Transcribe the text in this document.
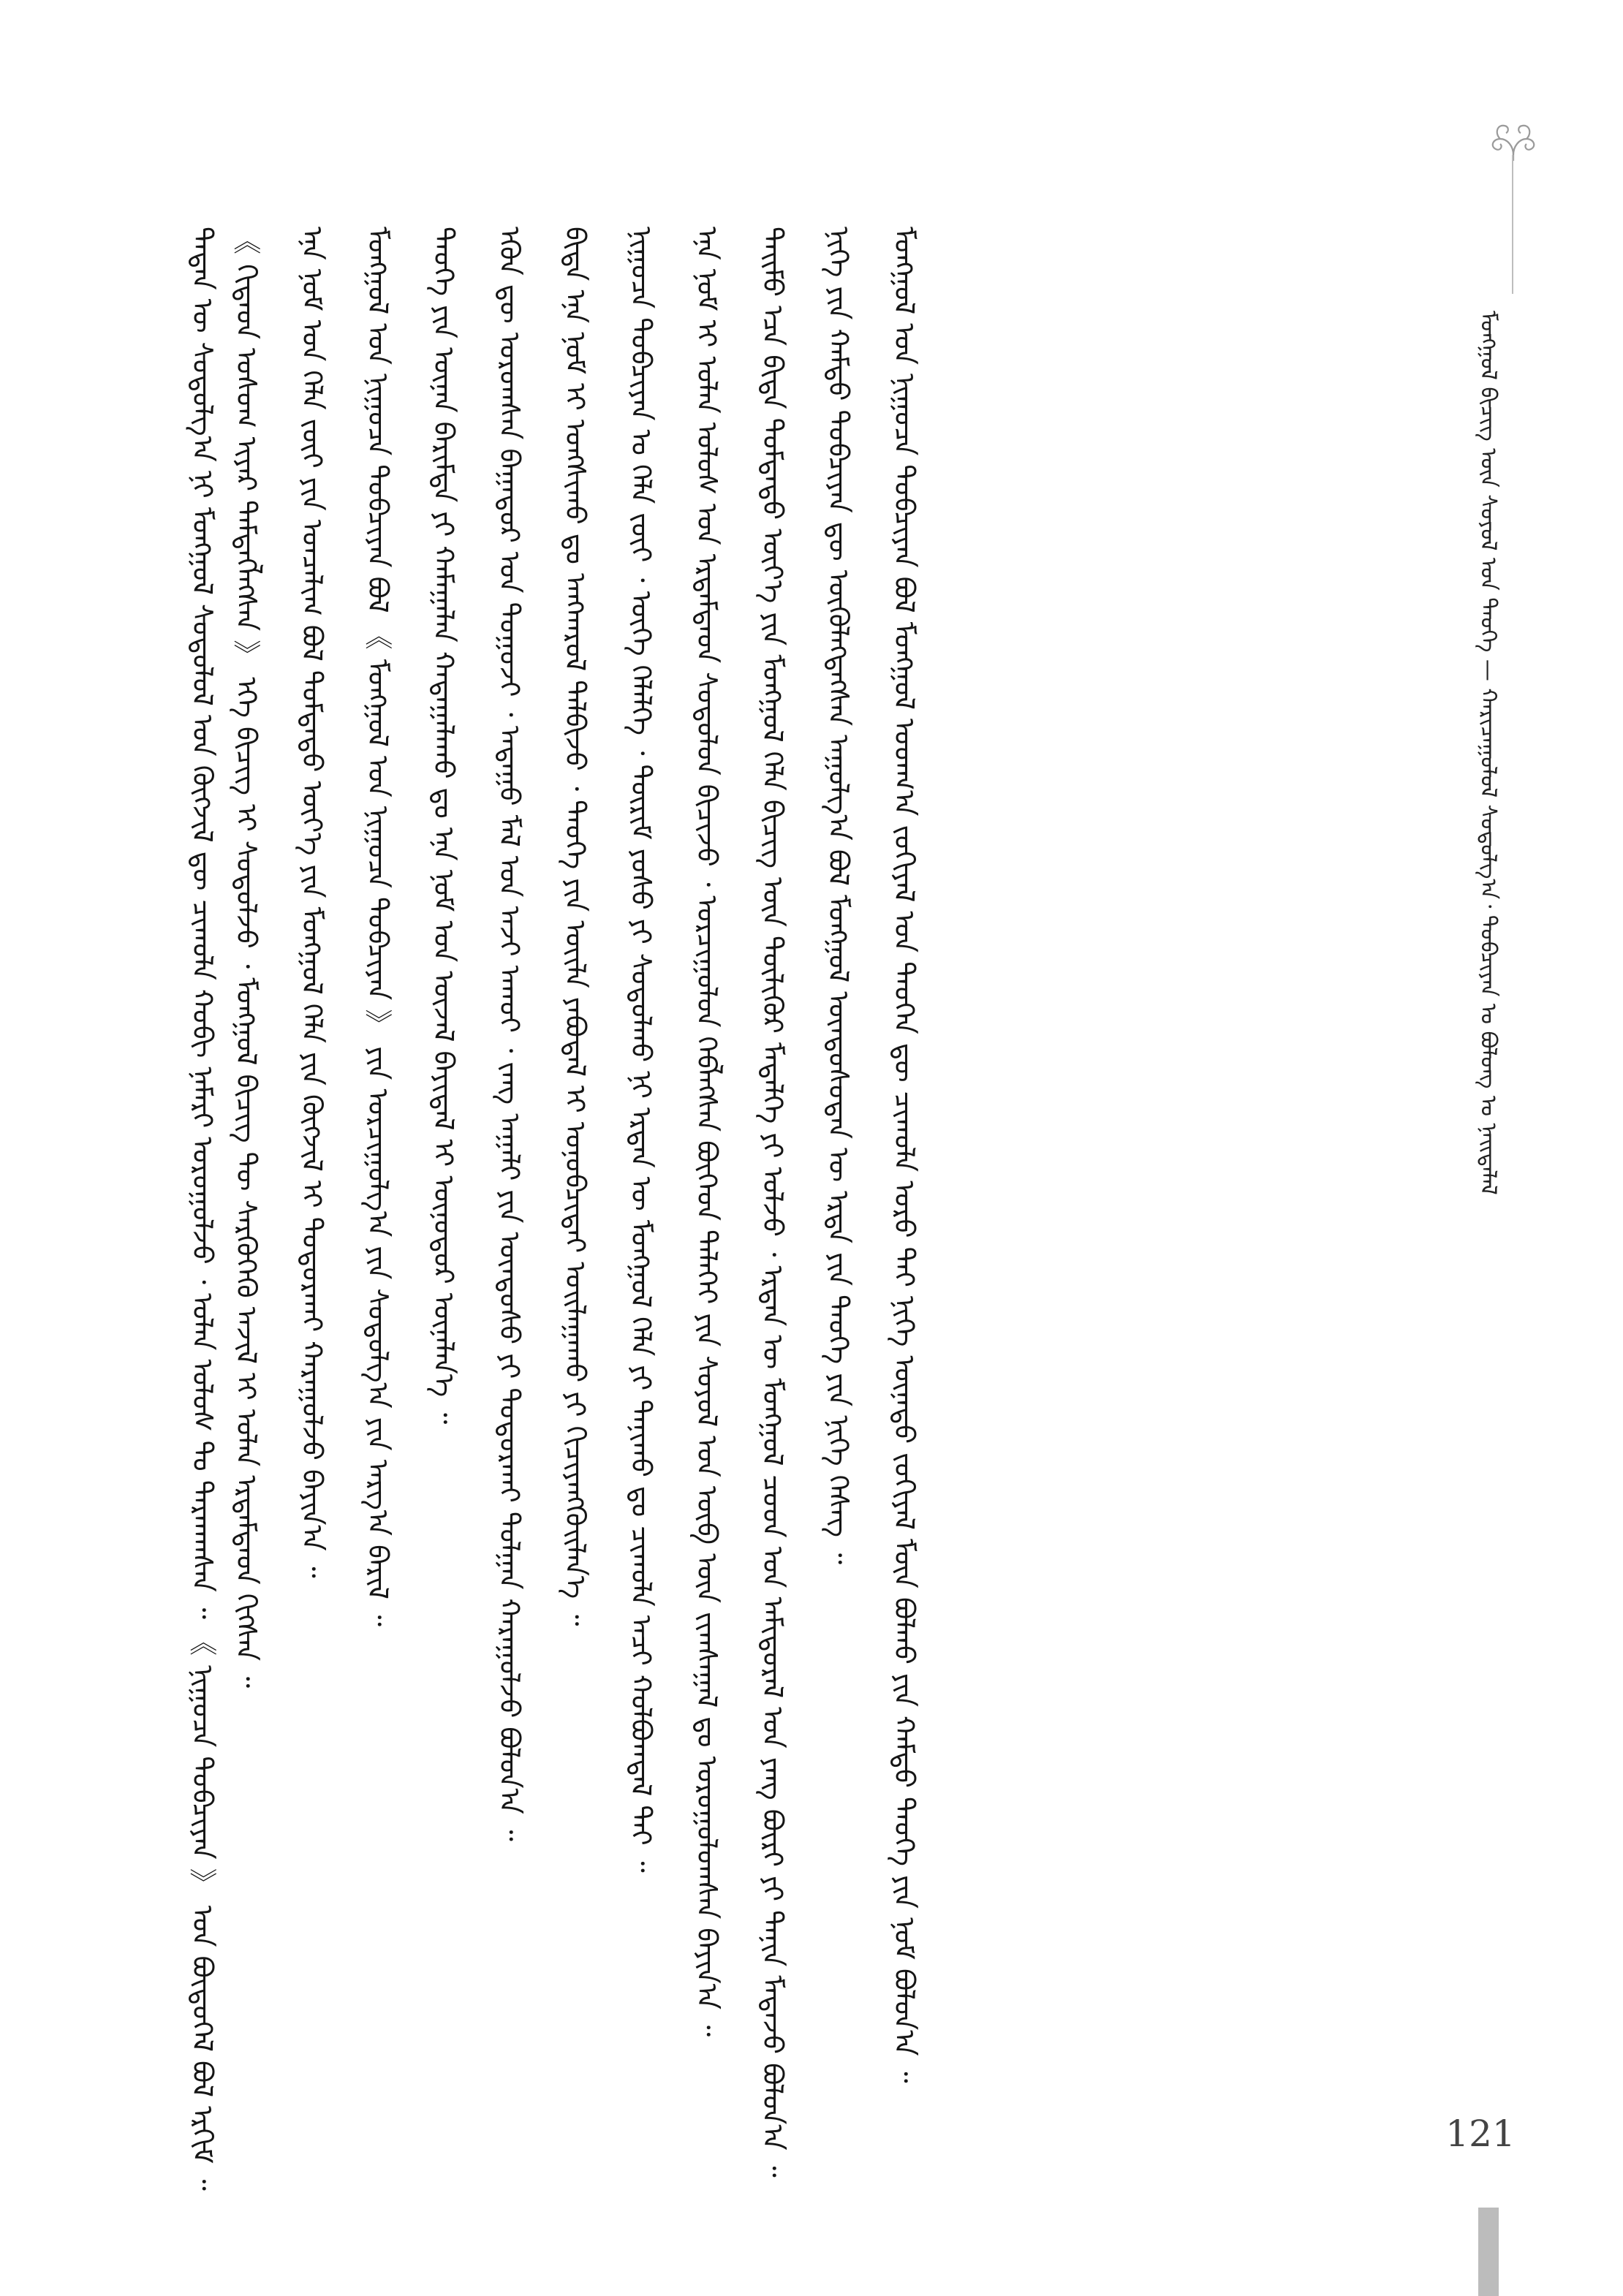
ᠮᠣᠩᠭᠣᠯ ᠪᠢᠴᠢᠭ᠌ ᠦᠨ ᠰᠣᠶᠣᠯ ᠤᠨ ᠲᠡᠦᠬᠡ — ᠬᠠᠷᠢᠴᠠᠭᠤᠯᠤᠯ ᠰᠤᠳᠤᠯᠭ᠎ᠠ᠂ ᠲᠣᠪᠴᠢᠶᠠᠨ ᠤ ᠪᠤᠯᠤᠩ ᠤ ᠨᠡᠢᠲᠡᠯᠡᠯ
ᠮᠣᠩᠭᠣᠯ ᠤᠨ ᠨᠢᠭᠤᠴᠠ ᠲᠣᠪᠴᠢᠶᠠᠨ ᠪᠣᠯ ᠮᠣᠩᠭᠣᠯ ᠤᠳᠬ᠎ᠠ ᠵᠣᠬᠢᠶᠠᠯ ᠤᠨ ᠲᠡᠦᠬᠡᠨ ᠳᠦ ᠴᠢᠬᠤᠯᠠ ᠣᠷᠣ ᠲᠠᠢ ᠨᠢᠭᠡ ᠦᠨᠡᠲᠦ ᠵᠣᠬᠢᠶᠠᠯ ᠮᠥᠨ ᠪᠣᠯᠬᠤ ᠶᠢᠨ ᠬᠠᠮᠲᠤ ᠲᠡᠦᠬᠡ ᠶᠢᠨ ᠨᠣᠮ ᠪᠣᠯᠤᠨ᠎ᠠ ᠃
ᠨᠢᠭᠡ ᠶᠢᠨ ᠬᠠᠮᠲᠤ ᠲᠣᠪᠴᠢᠶᠠᠨ ᠳᠦ ᠦᠭᠦᠯᠡᠭᠳᠡᠭᠰᠡᠨ ᠠᠭᠤᠯᠭ᠎ᠠ ᠪᠣᠯ ᠮᠣᠩᠭᠣᠯ ᠦᠨᠳᠦᠰᠦᠲᠡᠨ ᠦ ᠡᠷᠲᠡ ᠶᠢᠨ ᠲᠡᠦᠬᠡ ᠶᠢᠨ ᠨᠢᠭᠡ ᠬᠡᠰᠡᠭ ᠃
ᠲᠡᠢᠮᠦ ᠡᠴᠡ ᠪᠢᠳᠡ ᠳᠤᠮᠳᠠᠳᠤ ᠦᠶ᠎ᠡ ᠶᠢᠨ ᠮᠣᠩᠭᠣᠯ ᠬᠡᠯᠡ ᠪᠢᠴᠢᠭ᠌ ᠦᠨ ᠲᠦᠯᠢᠭᠦᠷ ᠮᠡᠳᠡᠯᠭᠡ ᠶᠢ ᠣᠯᠵᠤ ᠂ ᠡᠷᠲᠡᠨ ᠦ ᠮᠣᠩᠭᠣᠯ ᠴᠤᠳ ᠤᠨ ᠠᠮᠢᠳᠤᠷᠠᠯ ᠤᠨ ᠶᠠᠩ ᠪᠦᠷᠢ ᠶᠢ ᠲᠠᠨᠢᠨ ᠮᠡᠳᠡᠵᠦ ᠪᠣᠯᠤᠨ᠎ᠠ ᠃
ᠡᠨᠡ ᠨᠣᠮ ᠢ ᠣᠯᠠᠨ ᠤᠯᠤᠰ ᠤᠨ ᠡᠷᠳᠡᠮᠲᠡᠳ ᠰᠤᠳᠤᠯᠤᠨ ᠪᠢᠴᠢᠵᠦ ᠂ ᠣᠷᠴᠢᠭᠤᠯᠤᠨ ᠬᠡᠪᠯᠡᠭᠰᠡᠨ ᠪᠦᠭᠡᠳ ᠳᠡᠯᠡᠬᠡᠢ ᠶᠢᠨ ᠰᠣᠶᠣᠯ ᠤᠨ ᠥᠪ ᠦᠨ ᠵᠢᠭᠰᠠᠭᠠᠯ ᠳᠤ ᠣᠷᠣᠭᠤᠯᠤᠭᠰᠠᠨ ᠪᠠᠶᠢᠨ᠎ᠠ ᠃
ᠨᠢᠭᠤᠴᠠ ᠲᠣᠪᠴᠢᠶᠠᠨ ᠤ ᠬᠡᠯᠡ ᠵᠦᠢ ᠂ ᠦᠭᠡ ᠬᠡᠯᠡᠯᠭᠡ ᠂ ᠳᠦᠷᠢᠮ ᠶᠣᠰᠣ ᠶᠢ ᠰᠤᠳᠤᠯᠬᠤ ᠨᠢ ᠡᠷᠲᠡᠨ ᠦ ᠮᠣᠩᠭᠣᠯ ᠬᠡᠯᠡ ᠶᠢ ᠲᠠᠨᠢᠬᠤ ᠳᠤ ᠴᠢᠬᠤᠯᠠ ᠠᠴᠢ ᠬᠣᠯᠪᠣᠭᠳᠠᠯ ᠲᠠᠢ ᠃
ᠪᠢᠳᠡ ᠡᠨᠡ ᠨᠣᠮ ᠢ ᠤᠩᠰᠢᠬᠤ ᠳᠤ ᠠᠩᠬᠠᠷᠤᠯ ᠲᠠᠯᠪᠢᠵᠤ ᠂ ᠲᠡᠦᠬᠡ ᠶᠢᠨ ᠦᠢᠯᠡ ᠶᠠᠪᠤᠳᠠᠯ ᠢ ᠣᠨᠣᠪᠴᠢᠲᠠᠢ ᠣᠢᠯᠠᠭᠠᠬᠤ ᠶᠢ ᠬᠢᠴᠢᠶᠡᠩᠭᠦᠢᠯᠡᠨ᠎ᠡ ᠃
ᠡᠭᠦᠨ ᠳᠦ ᠣᠷᠣᠭᠰᠠᠨ ᠪᠠᠭᠠᠲᠤᠷ ᠤᠨ ᠲᠤᠭᠤᠵᠢ ᠂ ᠠᠳᠠᠭᠤ ᠮᠠᠯ ᠤᠨ ᠠᠵᠢ ᠠᠬᠤᠢ ᠂ ᠵᠠᠩ ᠠᠭᠠᠯᠢ ᠶᠢᠨ ᠦᠨᠳᠦᠰᠦ ᠶᠢ ᠲᠣᠳᠣᠷᠬᠠᠢ ᠲᠤᠯᠭᠠᠨ ᠬᠠᠷᠠᠭᠤᠯᠵᠤ ᠪᠣᠯᠤᠨ᠎ᠠ ᠃
ᠲᠡᠦᠬᠡ ᠶᠢᠨ ᠦᠨᠡᠨ ᠪᠠᠷᠢᠮᠲᠠ ᠶᠢ ᠬᠠᠮᠠᠭᠠᠯᠠᠨ ᠬᠠᠳᠠᠭᠠᠯᠠᠬᠤ ᠳᠤ ᠡᠨᠡ ᠨᠣᠮ ᠤᠨ ᠦᠵᠡᠯ ᠪᠠᠶᠢᠳᠠᠯ ᠢ ᠥᠨᠥᠳᠥᠷ ᠦᠨᠡᠯᠡᠨ᠎ᠡ ᠃
ᠮᠣᠩᠭᠣᠯ ᠤᠨ ᠨᠢᠭᠤᠴᠠ ᠲᠣᠪᠴᠢᠶᠠᠨ ᠪᠣᠯ 《 ᠮᠣᠩᠭᠣᠯ ᠤᠨ ᠨᠢᠭᠤᠴᠠ ᠲᠣᠪᠴᠢᠶᠠᠨ 》 ᠶᠢᠨ ᠣᠷᠴᠢᠭᠤᠯᠭ᠎ᠠ ᠶᠢᠨ ᠰᠤᠳᠤᠯᠭ᠎ᠠ ᠶᠢᠨ ᠠᠷᠭ᠎ᠠ ᠪᠠᠷᠢᠯ ᠃
ᠡᠨᠡ ᠨᠣᠮ ᠤᠨ ᠬᠡᠯᠡ ᠵᠦᠢ ᠶᠢᠨ ᠣᠨᠴᠠᠯᠢᠭ ᠪᠣᠯ ᠳᠤᠮᠳᠠᠳᠤ ᠦᠶ᠎ᠡ ᠶᠢᠨ ᠮᠣᠩᠭᠣᠯ ᠬᠡᠯᠡ ᠶᠢᠨ ᠬᠥᠭᠵᠢᠯ ᠢ ᠲᠣᠳᠣᠷᠬᠠᠢ ᠬᠠᠷᠠᠭᠤᠯᠵᠤ ᠪᠠᠶᠢᠨ᠎ᠠ ᠃
《 ᠬᠢᠲᠠᠳ ᠤᠰᠤᠭ ᠢᠶᠠᠷ ᠲᠡᠮᠳᠡᠭᠯᠡᠭᠰᠡᠨ 》 ᠡᠬᠡ ᠪᠢᠴᠢᠭ᠌ ᠢ ᠰᠤᠳᠤᠯᠵᠤ ᠂ ᠮᠣᠩᠭᠣᠯ ᠪᠢᠴᠢᠭ᠌ ᠲᠦ ᠰᠡᠷᠭᠦᠭᠡᠬᠦ ᠠᠵᠢᠯ ᠢ ᠣᠯᠠᠨ ᠡᠷᠳᠡᠮᠲᠡᠳ ᠬᠢᠭᠰᠡᠨ ᠃
ᠲᠡᠳᠡᠨ ᠦ ᠰᠤᠳᠤᠯᠭ᠎ᠠ ᠨᠢ ᠮᠣᠩᠭᠣᠯ ᠰᠤᠳᠤᠯᠤᠯ ᠤᠨ ᠬᠥᠭᠵᠢᠯ ᠳᠦ ᠴᠢᠬᠤᠯᠠ ᠬᠤᠪᠢ ᠨᠡᠮᠡᠷᠢ ᠣᠷᠣᠭᠤᠯᠵᠤ ᠂ ᠣᠯᠠᠨ ᠤᠯᠤᠰ ᠲᠤ ᠲᠠᠷᠬᠠᠭᠰᠠᠨ ᠃ 《 ᠨᠢᠭᠤᠴᠠ ᠲᠣᠪᠴᠢᠶᠠᠨ 》 ᠤᠨ ᠪᠦᠲᠦᠭᠡᠯ ᠪᠣᠯ ᠡᠷᠬᠢᠮ ᠃	121
